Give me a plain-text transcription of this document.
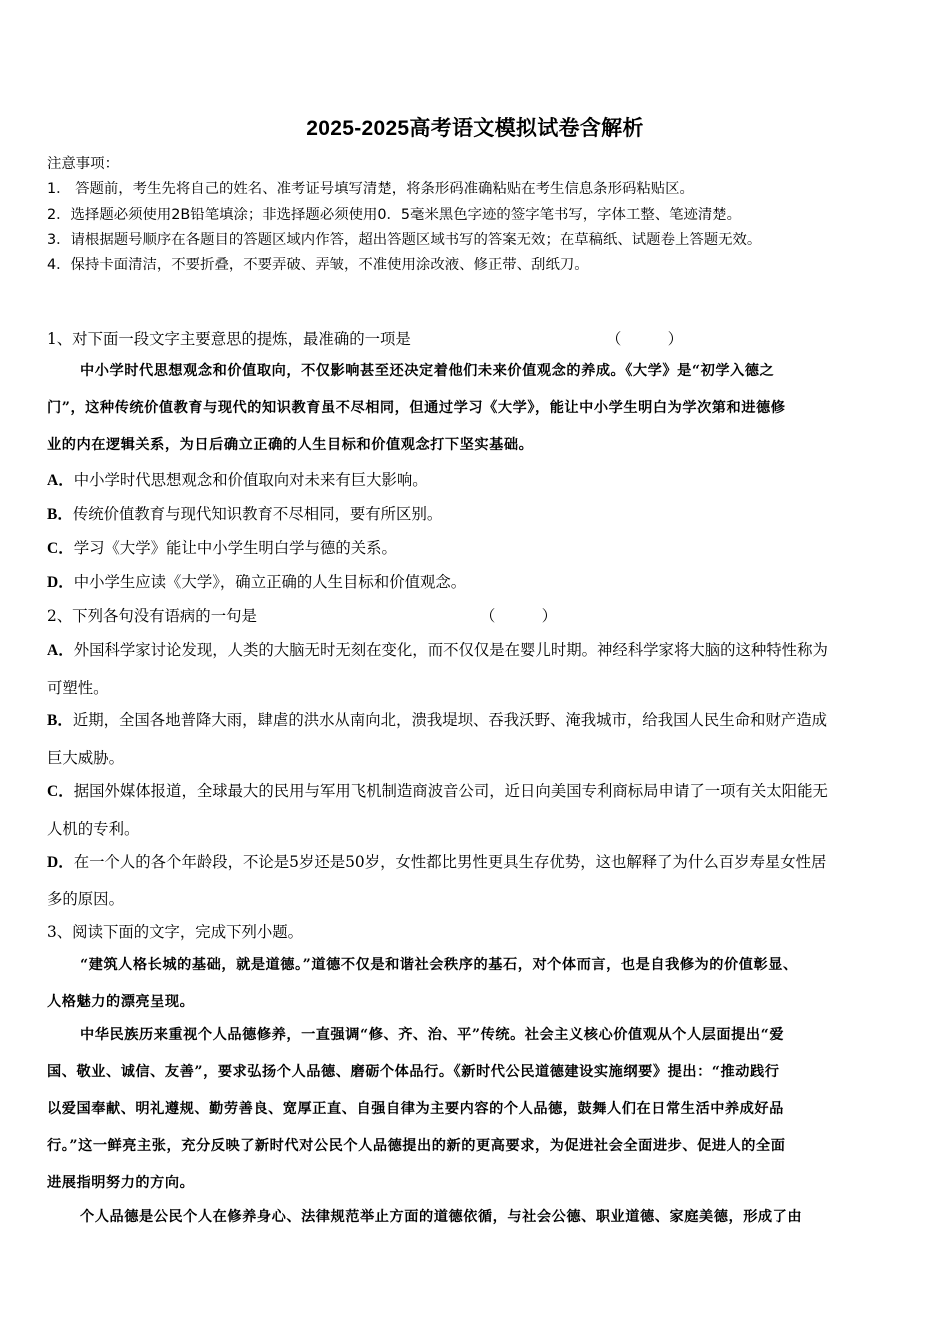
2025-2025高考语文模拟试卷含解析
注意事项：
1． 答题前，考生先将自己的姓名、准考证号填写清楚，将条形码准确粘贴在考生信息条形码粘贴区。
2．选择题必须使用2B铅笔填涂；非选择题必须使用0．5毫米黑色字迹的签字笔书写，字体工整、笔迹清楚。
3．请根据题号顺序在各题目的答题区域内作答，超出答题区域书写的答案无效；在草稿纸、试题卷上答题无效。
4．保持卡面清洁，不要折叠，不要弄破、弄皱，不准使用涂改液、修正带、刮纸刀。
1、对下面一段文字主要意思的提炼，最准确的一项是	（　　　）
中小学时代思想观念和价值取向，不仅影响甚至还决定着他们未来价值观念的养成。《大学》是“初学入德之
门”，这种传统价值教育与现代的知识教育虽不尽相同，但通过学习《大学》，能让中小学生明白为学次第和进德修
业的内在逻辑关系，为日后确立正确的人生目标和价值观念打下坚实基础。
A．中小学时代思想观念和价值取向对未来有巨大影响。
B．传统价值教育与现代知识教育不尽相同，要有所区别。
C．学习《大学》能让中小学生明白学与德的关系。
D．中小学生应读《大学》，确立正确的人生目标和价值观念。
2、下列各句没有语病的一句是	（　　　）
A．外国科学家讨论发现，人类的大脑无时无刻在变化，而不仅仅是在婴儿时期。神经科学家将大脑的这种特性称为
可塑性。
B．近期，全国各地普降大雨，肆虐的洪水从南向北，溃我堤坝、吞我沃野、淹我城市，给我国人民生命和财产造成
巨大威胁。
C．据国外媒体报道，全球最大的民用与军用飞机制造商波音公司，近日向美国专利商标局申请了一项有关太阳能无
人机的专利。
D．在一个人的各个年龄段，不论是5岁还是50岁，女性都比男性更具生存优势，这也解释了为什么百岁寿星女性居
多的原因。
3、阅读下面的文字，完成下列小题。
“建筑人格长城的基础，就是道德。”道德不仅是和谐社会秩序的基石，对个体而言，也是自我修为的价值彰显、
人格魅力的漂亮呈现。
中华民族历来重视个人品德修养，一直强调“修、齐、治、平”传统。社会主义核心价值观从个人层面提出“爱
国、敬业、诚信、友善”，要求弘扬个人品德、磨砺个体品行。《新时代公民道德建设实施纲要》提出：“推动践行
以爱国奉献、明礼遵规、勤劳善良、宽厚正直、自强自律为主要内容的个人品德，鼓舞人们在日常生活中养成好品
行。”这一鲜亮主张，充分反映了新时代对公民个人品德提出的新的更高要求，为促进社会全面进步、促进人的全面
进展指明努力的方向。
个人品德是公民个人在修养身心、法律规范举止方面的道德依循，与社会公德、职业道德、家庭美德，形成了由
